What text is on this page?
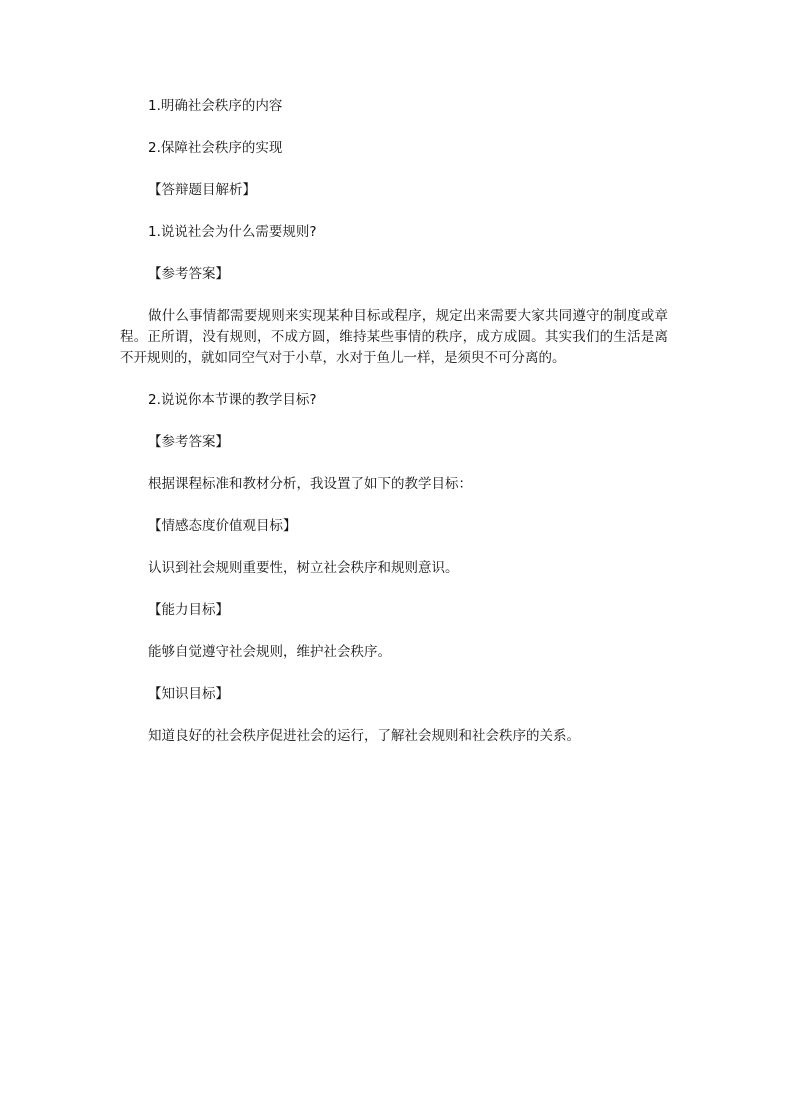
1.明确社会秩序的内容

2.保障社会秩序的实现

【答辩题目解析】

1.说说社会为什么需要规则?

【参考答案】

做什么事情都需要规则来实现某种目标或程序，规定出来需要大家共同遵守的制度或章程。正所谓，没有规则，不成方圆，维持某些事情的秩序，成方成圆。其实我们的生活是离不开规则的，就如同空气对于小草，水对于鱼儿一样，是须臾不可分离的。

2.说说你本节课的教学目标?

【参考答案】

根据课程标准和教材分析，我设置了如下的教学目标：

【情感态度价值观目标】

认识到社会规则重要性，树立社会秩序和规则意识。

【能力目标】

能够自觉遵守社会规则，维护社会秩序。

【知识目标】

知道良好的社会秩序促进社会的运行，了解社会规则和社会秩序的关系。
